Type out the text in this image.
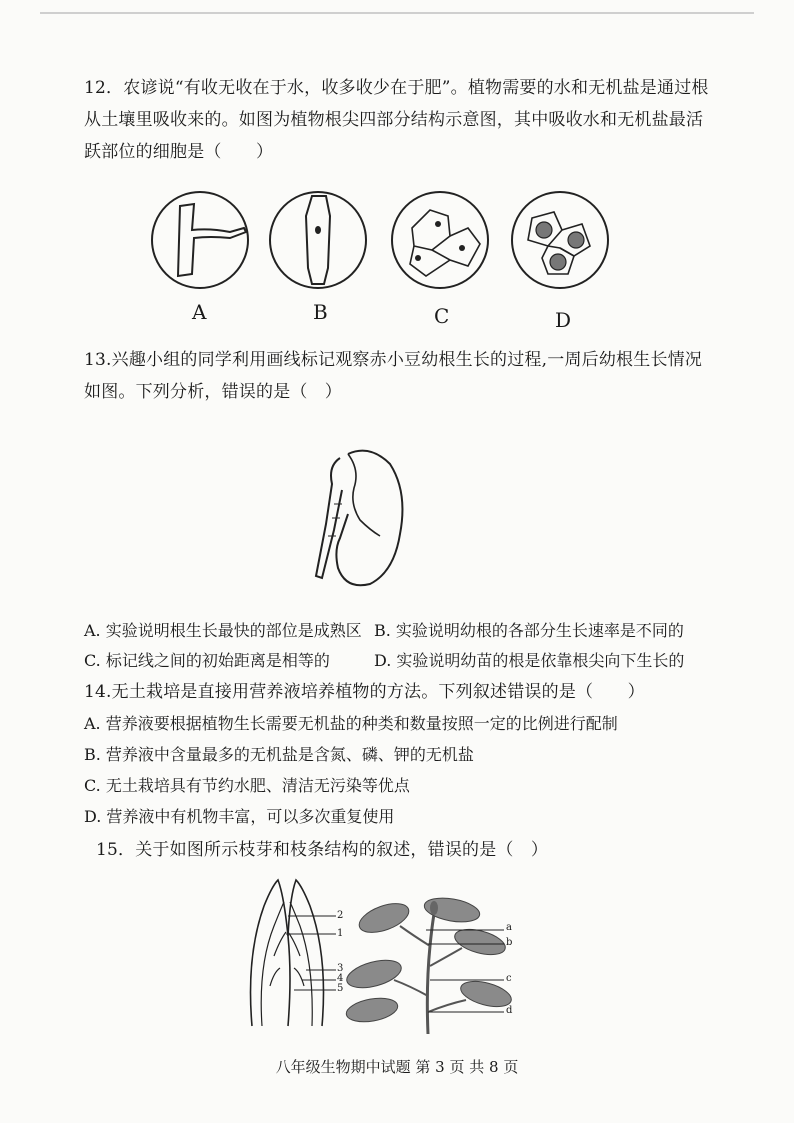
12．农谚说“有收无收在于水，收多收少在于肥”。植物需要的水和无机盐是通过根从土壤里吸收来的。如图为植物根尖四部分结构示意图，其中吸收水和无机盐最活跃部位的细胞是（　　）
A	B	C	D
13.兴趣小组的同学利用画线标记观察赤小豆幼根生长的过程,一周后幼根生长情况如图。下列分析，错误的是（　）
A. 实验说明根生长最快的部位是成熟区 B. 实验说明幼根的各部分生长速率是不同的
C. 标记线之间的初始距离是相等的	D. 实验说明幼苗的根是依靠根尖向下生长的
14.无土栽培是直接用营养液培养植物的方法。下列叙述错误的是（　　）
A. 营养液要根据植物生长需要无机盐的种类和数量按照一定的比例进行配制
B. 营养液中含量最多的无机盐是含氮、磷、钾的无机盐
C. 无土栽培具有节约水肥、清洁无污染等优点
D. 营养液中有机物丰富，可以多次重复使用
15．关于如图所示枝芽和枝条结构的叙述，错误的是（　）
2
1
3
4
5
a
b
c
d
八年级生物期中试题 第 3 页 共 8 页
